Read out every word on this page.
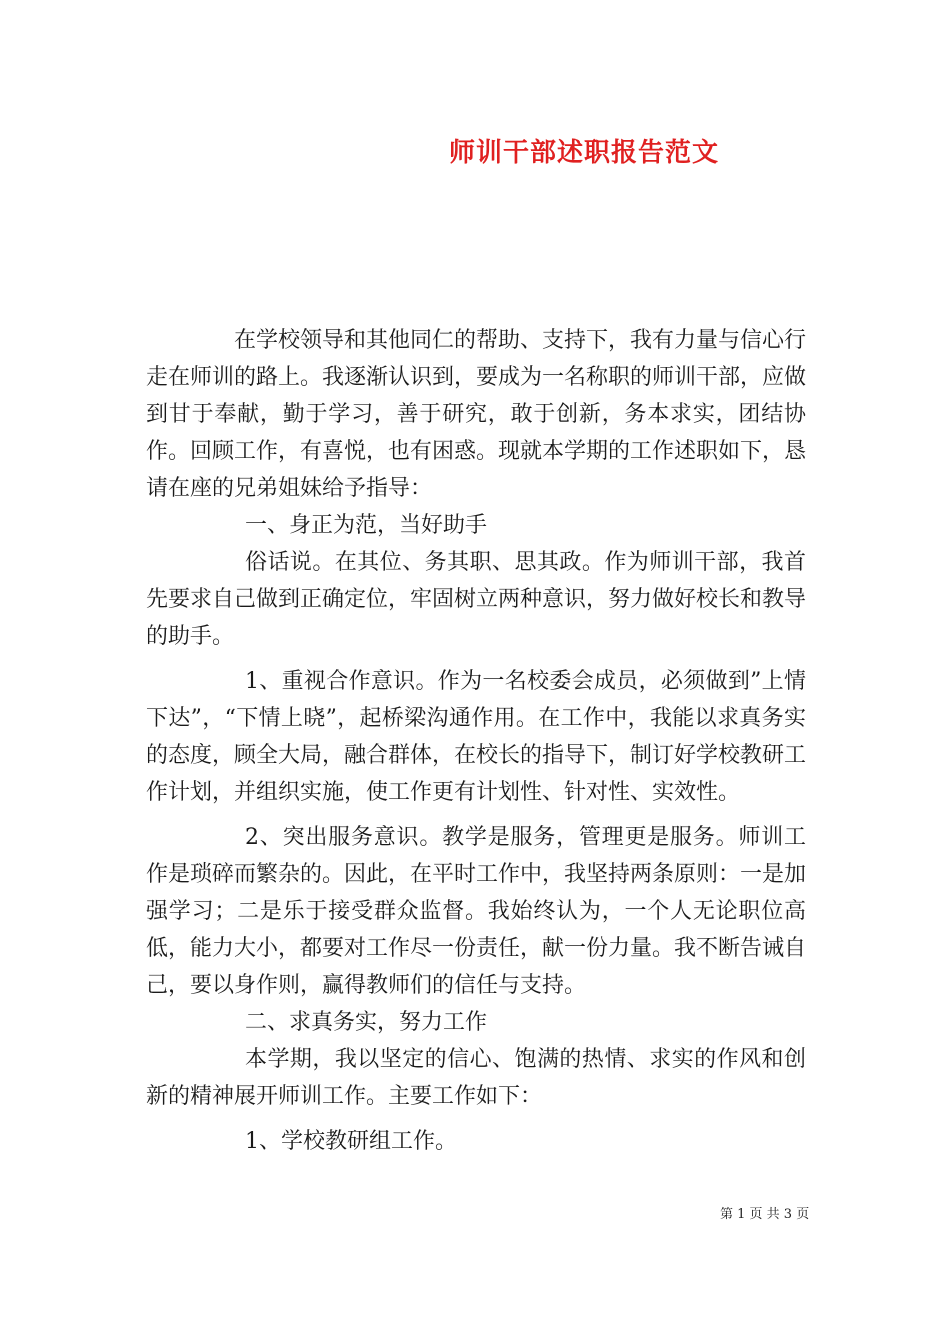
师训干部述职报告范文

在学校领导和其他同仁的帮助、支持下，我有力量与信心行走在师训的路上。我逐渐认识到，要成为一名称职的师训干部，应做到甘于奉献，勤于学习，善于研究，敢于创新，务本求实，团结协作。回顾工作，有喜悦，也有困惑。现就本学期的工作述职如下，恳请在座的兄弟姐妹给予指导：

一、身正为范，当好助手

俗话说。在其位、务其职、思其政。作为师训干部，我首先要求自己做到正确定位，牢固树立两种意识，努力做好校长和教导的助手。

1、重视合作意识。作为一名校委会成员，必须做到”上情下达”，“下情上晓”，起桥梁沟通作用。在工作中，我能以求真务实的态度，顾全大局，融合群体，在校长的指导下，制订好学校教研工作计划，并组织实施，使工作更有计划性、针对性、实效性。

2、突出服务意识。教学是服务，管理更是服务。师训工作是琐碎而繁杂的。因此，在平时工作中，我坚持两条原则：一是加强学习；二是乐于接受群众监督。我始终认为，一个人无论职位高低，能力大小，都要对工作尽一份责任，献一份力量。我不断告诫自己，要以身作则，赢得教师们的信任与支持。

二、求真务实，努力工作

本学期，我以坚定的信心、饱满的热情、求实的作风和创新的精神展开师训工作。主要工作如下：

1、学校教研组工作。

第 1 页 共 3 页
